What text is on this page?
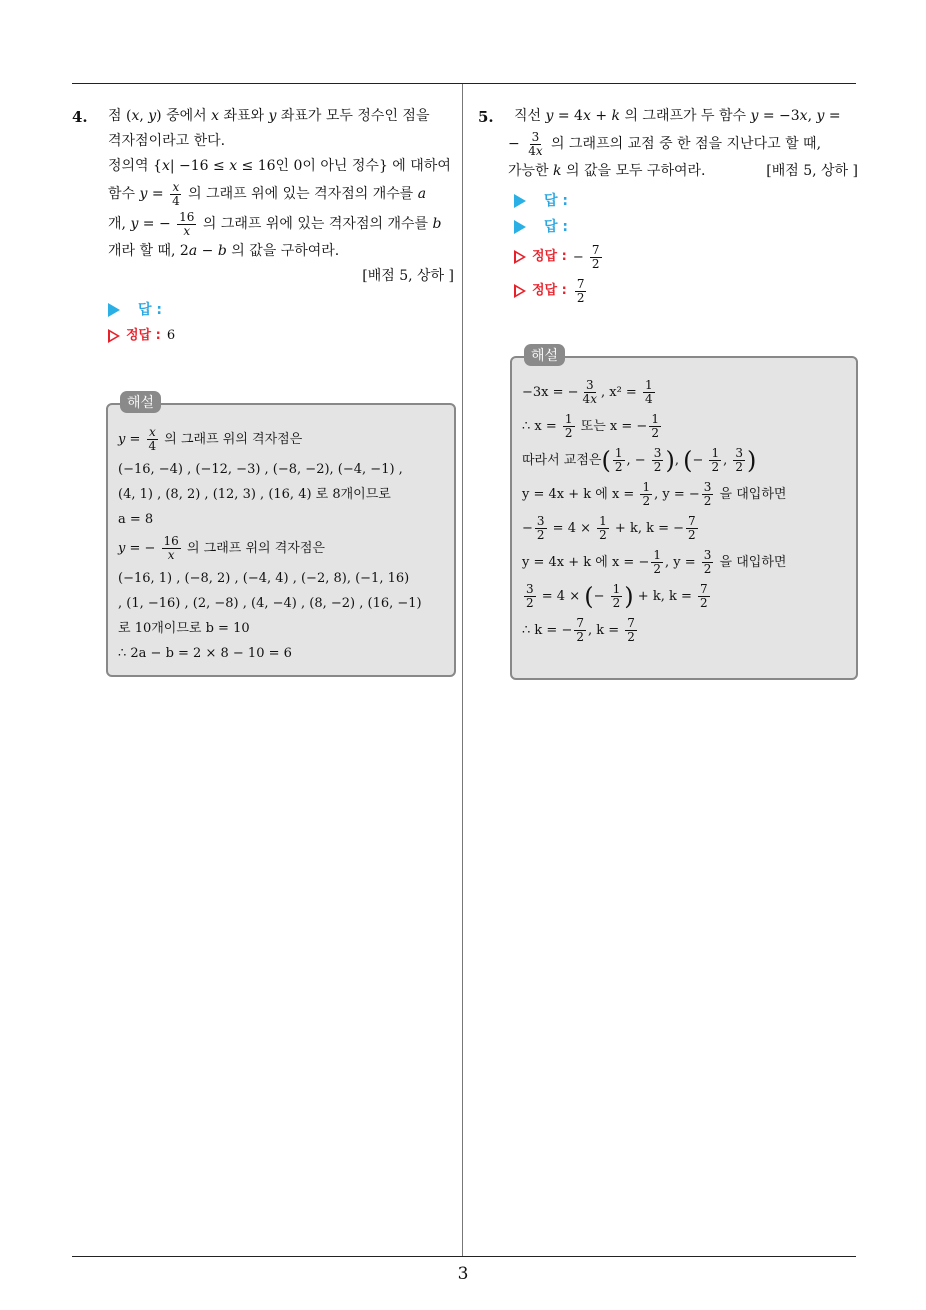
4. 점 (x, y) 중에서 x 좌표와 y 좌표가 모두 정수인 점을
격자점이라고 한다.
정의역 {x| −16 ≤ x ≤ 16인 0이 아닌 정수} 에 대하여
함수 $y = \frac{x}{4}$ 의 그래프 위에 있는 격자점의 개수를 a
개, y = − $\frac{16}{x}$ 의 그래프 위에 있는 격자점의 개수를 b
개라 할 때, 2a − b 의 값을 구하여라.
[배점 5, 상하 ]
답 :
정답 : 6
해설
$y = \frac{x}{4}$ 의 그래프 위의 격자점은
(−16, −4) , (−12, −3) , (−8, −2), (−4, −1) ,
(4, 1) , (8, 2) , (12, 3) , (16, 4) 로 8개이므로
a = 8
y = − $\frac{16}{x}$ 의 그래프 위의 격자점은
(−16, 1) , (−8, 2) , (−4, 4) , (−2, 8), (−1, 16)
, (1, −16) , (2, −8) , (4, −4) , (8, −2) , (16, −1)
로 10개이므로 b = 10
∴ 2a − b = 2 × 8 − 10 = 6
5. 직선 y = 4x + k 의 그래프가 두 함수 y = −3x, y =
− $\frac{3}{4x}$ 의 그래프의 교점 중 한 점을 지난다고 할 때,
가능한 k 의 값을 모두 구하여라.	[배점 5, 상하 ]
답 :
답 :
정답 : − $\frac{7}{2}$
정답 : $\frac{7}{2}$
해설
−3x = − $\frac{3}{4x}$ , $x^2 = \frac{1}{4}$
∴ $x = \frac{1}{2}$ 또는 x = − $\frac{1}{2}$
따라서 교점은( $\frac{1}{2}$ , − $\frac{3}{2}$ ), (− $\frac{1}{2}$ , $\frac{3}{2}$ )
y = 4x + k 에 $x = \frac{1}{2}$ , y = − $\frac{3}{2}$ 을 대입하면
− $\frac{3}{2} = 4 \times \frac{1}{2} + k$, k = − $\frac{7}{2}$
y = 4x + k 에 x = − $\frac{1}{2}$ , $y = \frac{3}{2}$ 을 대입하면
$\frac{3}{2} = 4$ × (− $\frac{1}{2}$ ) + k, $k = \frac{7}{2}$
∴ k = − $\frac{7}{2}$ , $k = \frac{7}{2}$
3
